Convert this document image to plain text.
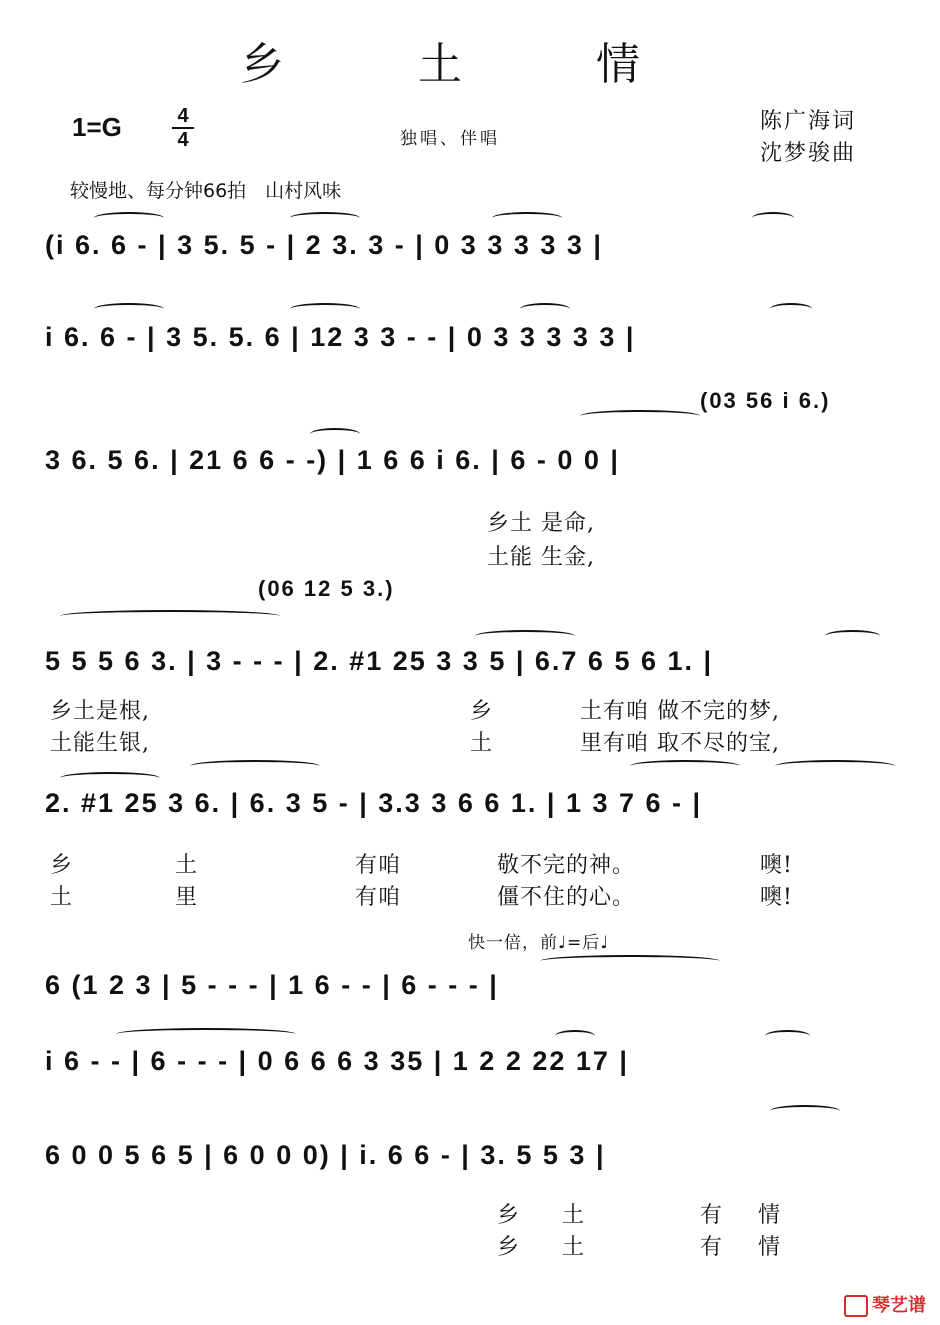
乡 土 情
1=G	4
4	独唱、伴唱
陈广海词
沈梦骏曲
较慢地、每分钟66拍　山村风味
(i 6. 6 - | 3 5. 5 - | 2 3. 3 - | 0 3 3 3 3 3 |
i 6. 6 - | 3 5. 5. 6 | 12 3 3 - - | 0 3 3 3 3 3 |
(03 56 i 6.)
3 6. 5 6. | 21 6 6 - -) | 1 6 6 i 6. | 6 - 0 0 |
乡土 是命,
土能 生金,
(06 12 5 3.)
5 5 5 6 3. | 3 - - - | 2. #1 25 3 3 5 | 6.7 6 5 6 1. |
乡土是根,	乡	土有咱 做不完的梦,
土能生银,	土	里有咱 取不尽的宝,
2. #1 25 3 6. | 6. 3 5 - | 3.3 3 6 6 1. | 1 3 7 6 - |
乡	土	有咱	敬不完的神。	噢!
土	里	有咱	僵不住的心。	噢!
快一倍，前♩=后♩
6 (1 2 3 | 5 - - - | 1 6 - - | 6 - - - |
i 6 - - | 6 - - - | 0 6 6 6 3 35 | 1 2 2 22 17 |
6 0 0 5 6 5 | 6 0 0 0) | i. 6 6 - | 3. 5 5 3 |
乡 土	有 情
乡 土	有 情
琴艺谱
